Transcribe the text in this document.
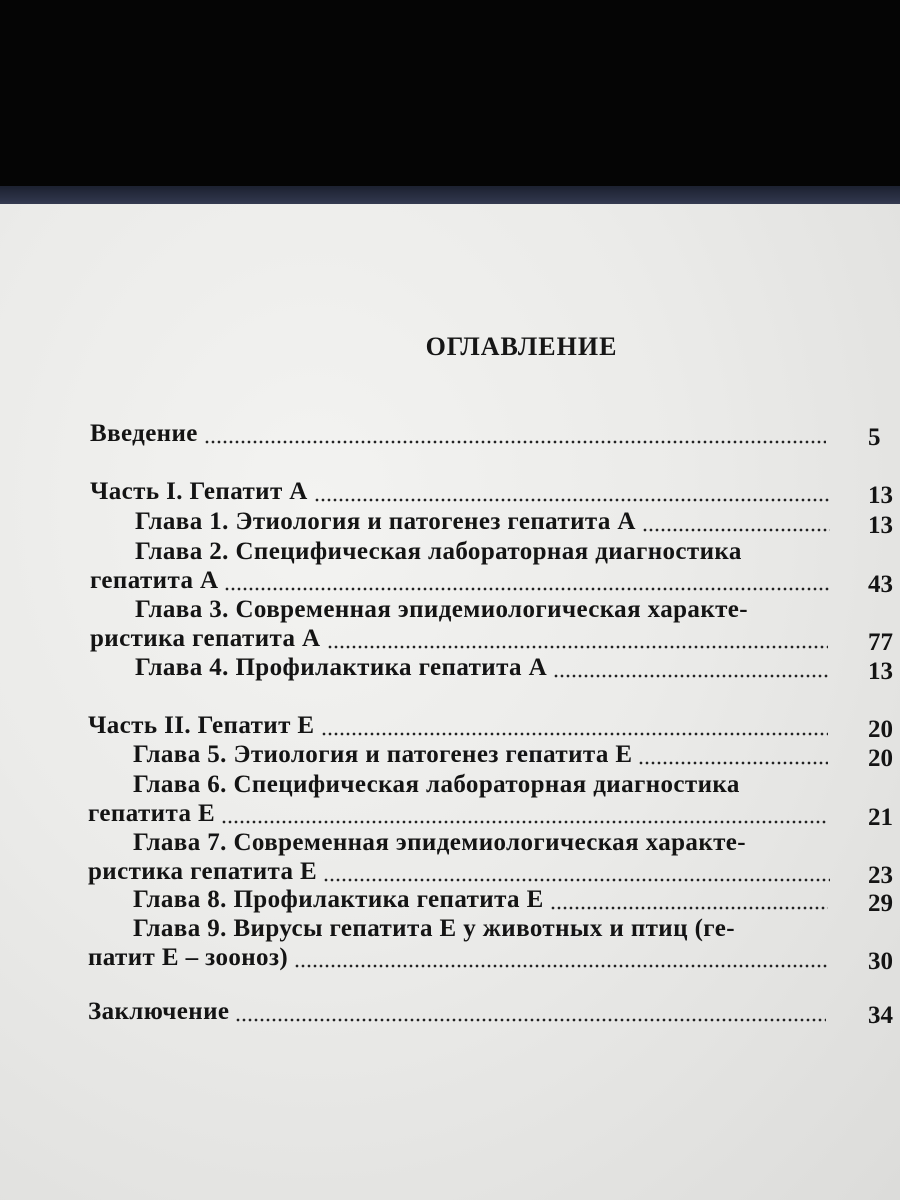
ОГЛАВЛЕНИЕ
Введение	5
Часть I. Гепатит А	13
Глава 1. Этиология и патогенез гепатита А	13
Глава 2. Специфическая лабораторная диагностика
гепатита А	43
Глава 3. Современная эпидемиологическая характе-
ристика гепатита А	77
Глава 4. Профилактика гепатита А	13
Часть II. Гепатит Е	20
Глава 5. Этиология и патогенез гепатита Е	20
Глава 6. Специфическая лабораторная диагностика
гепатита Е	21
Глава 7. Современная эпидемиологическая характе-
ристика гепатита Е	23
Глава 8. Профилактика гепатита Е	29
Глава 9. Вирусы гепатита Е у животных и птиц (ге-
патит Е – зооноз)	30
Заключение	34
